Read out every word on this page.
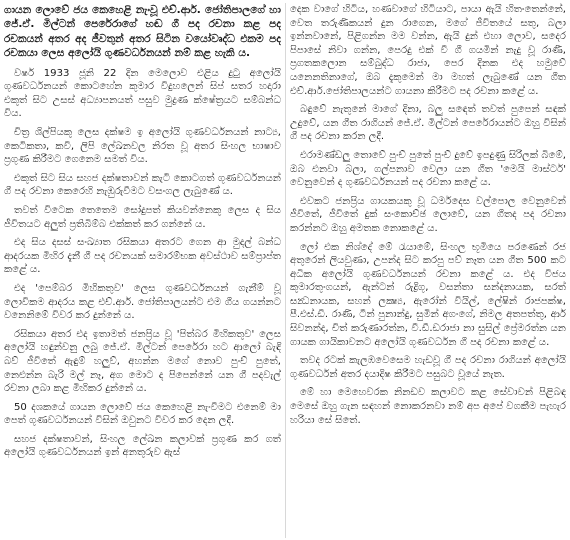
ගායන ලොවේ ජය කෙහෙළි නැංවූ එච්.ආර්. ජෝතිපාලගේ හා ජේ.ඒ. මිල්ටන් පෙරේරාගේ හඬ ගී පද රචනා කළ පද රචකයන් අතර අද ජීවතුන් අතර සිටින වයෝවෘද්ධ එකම පද රචකයා ලෙස අලෝයි ගුණවර්ධනයන් නම් කළ හැකි ය.

වර්ෂ 1933 ජූනි 22 දින මෙලොව එළිය දුටු අලෝයි ගුණවර්ධනයන් කොටහේන කුමාර විදුහලෙන් සිප් සතර හදාරා එකුත් සිට උසස් අධ්‍යාපනයත් පසුව මුද්‍රණ ක්ෂේත්‍රයට සම්බන්ධ විය.

චිත්‍ර ශිල්පියකු ලෙස දක්ෂම ඉ අලෝයි ගුණවර්ධනයන් නාට්‍ය, කෙටිකතා, කවි, ලිපි ලේඛනවල නිරත වූ අතර සිංහල භාෂාව ප්‍රගුණ කිරීමට ගෙනෙම සමත් විය.

එකුත් සිට සිය සහජ දක්ෂතාවන් කැටි කොටගත් ගුණවර්ධනයන් ගී පද රචනා කෙරෙහි නැඹුරුවීමට වසංගල ලැබුණේ ය.

තවත් විටෙක තෙතෙම සෝදුපත් කියවන්නෙකු ලෙස ද සිය ජීවිතයට අලුත් ප්‍රතිබිම්බ එක්කත් කර ගන්නේ ය.

එද සිය දසස් සංඛ්‍යාත රසිකයා අතරට ගෙන ආ මුදල් බන්ධ ආදරයක මිහිර දැනී ගී පද රචනයක් සමාරම්භක අවස්ථාව සම්ප්‍රාප්ත කළේ ය.

එද 'පෙම්බර මිහිකතුව' ලෙස ගුණවර්ධනයන් ගැනීම් වූ ලොවිකම ආදරය කළ එච්.ආර්. ජෝතිපාලයන්ට එම ගීය ගයන්නට වනෙනිමේ විවර කර දුන්නේ ය.

රසිකයා අතර එද ඉතාමත් ජනප්‍රිය වූ 'පිත්බර මිහිකතුව' ලෙස අලෝයි හඳුන්වනු ලබු ජේ.ඒ. මිල්ටන් පෙරේරා හට ආලෝ බැඳි බව් ජීවිතේ ඇඳුම් හලුව්, අහන්න මගේ නොව පුංච් පුතේ, නෙළුන්න බැරි මල් නෑ, අග මොට ද පිපෙන්නේ යන ගී පදවැල් රචනා ලබා කළ මිහිකර දුන්නේ ය.

50 දශකයේ ගායන ලොවේ ජය කෙහෙළි නැංවීමට එනෙම් මා පෙත් ගුණවර්ධනයන් විසින් ඔවුනට විවර කර දෙන ලදී.

සහජ දක්ෂතාවන්, සිංහල ලේඛන කලාවක් ප්‍රගුණ කර ගත් අලෝයි ගුණවර්ධනයන් ඉන් අනතුරුව ඇස්

දෙක වාගේ හිටිය, හණවාගේ හිටියාට, පායා ඇයි හිතංතෙන්නේ, වෙත තරුණිකයන් දුන රාගෙන, මගේ ජීවිතයේ සතු, බලා ඉන්නවානේ, පිළිගන්න මම වන්න, ඇයි දුන් එහා ලොව, සදෙර පිපාසේ නිවා ගන්න, පෙරදු එක් වී ගී ගයමින් නැදු වූ රාණී, ප්‍රගතකලොන සම්බුද්ධ රාජා, පෙර දිනක එද හමුවේ යනෙනතිනාගේ, ඔබ දැකුමෙන් මා මහත් ලැබුණේ යන ගීත එච්.ආර්.ජෝතිපාලයන්ට ගායනා කිරීමට පද රචනා කළේ ය.

බඳුවේ නැතුනේ මාගේ දිනා, බලු සඳෙත් තවත් පුපෙන් සඳක් උදුවේ, යන ගීත රාගියන් ජේ.ඒ. මිල්ටන් පෙරේරායන්ට ඔහු විසින් ගී පද රචනා කරන ලදී.

එරාමණ්ඩලු තොවේ පුංච් පුතේ පුංච් දුවේ ඉපදුණු සිරිලක් බිමේ, ඔබ එනවා බලා, ගල්පනාව වෙලා යන ගීත 'මෙයි මාස්ටර්' වෙනුවෙන් ද ගුණවර්ධනයන් පද රචනා කළේ ය.

එවකට ජනප්‍රිය ගායකයකු වූ ධර්මදෙස වල්පොල වෙනුවෙන් ජීවිතේ, ජීවිතේ දුක් සංකොච්ඡ ලොවේ, යන ගීතද පද රචනා කරන්නට ඔහු අමතක නොකළේ ය.

ලෝ එක නිශ්දේ මේ රැයාමේ, සිංහල භූමියෙ පරණෙන් රජ අතුරෙන් ලියවුණා, උපන්ද සිට කරපු පව් නෑත යන ගීත 500 කට අධික අලෝයි ගුණවර්ධනයන් රචනා කළේ ය. එද විජය කුමාරතුංගයන්, ඇන්ටන් රුද්‍රිගු, වසන්තා සන්දනායක, සරත් සන්‍ධනායක, සහන් ලක්‍ෂ්‍ය, ඇරෝන් වියිල්, ලේෂින් රාජපක්ෂ, පී.එස්.ඩී. රාණි, ටීන් පුනාන්දු, සුමින් අගංගේ, නිමල අතපත්තු, ආර් සිවනන්ද, චිත් කරුණාරත්න, වී.ඩී.ඩරාජා නා සුසිල් ප්‍රේමරත්න යන ගායක ගායිකාවනට අලෝයි ගුණවර්ධන ගී පද රචනා කළේ ය.

තවද රටක් කැලඹවෙසෙම හැඩවූ ගී පද රචනා රාගියන් අලෝයි ගුණවර්ධන් අතර දයාදිෂ කිරීමට පසුබට වූයේ නැත.

මේ හා මෙහෙවරක නිනඩව කලාවට කළ සේවාවන් පිළිබඳ මෙසේ ඔහු ගැන සඳහන් නොකරනවා නම් අප අපේ වගකීම පැහැර හරියා සේ සිතේ.
